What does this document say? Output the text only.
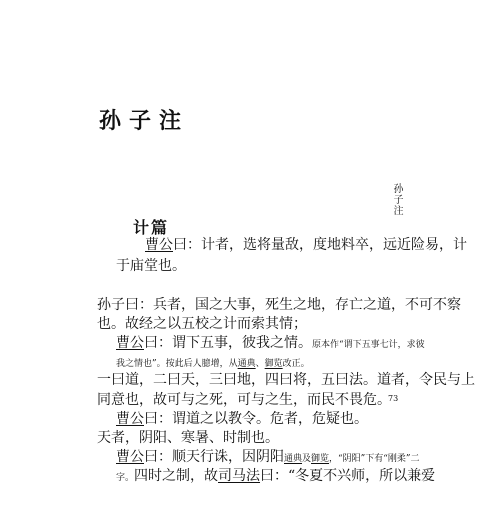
孙子注
孙子注
73
计篇
曹公曰：计者，选将量敌，度地料卒，远近险易，计
于庙堂也。
孙子曰：兵者，国之大事，死生之地，存亡之道，不可不察
也。故经之以五校之计而索其情；
曹公曰：谓下五事，彼我之情。原本作“谓下五事七计，求彼
我之情也”。按此后人臆增，从通典、御览改正。
一曰道，二曰天，三曰地，四曰将，五曰法。道者，令民与上
同意也，故可与之死，可与之生，而民不畏危。
曹公曰：谓道之以教令。危者，危疑也。
天者，阴阳、寒暑、时制也。
曹公曰：顺天行诛，因阴阳通典及御览，“阴阳”下有“刚柔”二
字。四时之制，故司马法曰：“冬夏不兴师，所以兼爱
